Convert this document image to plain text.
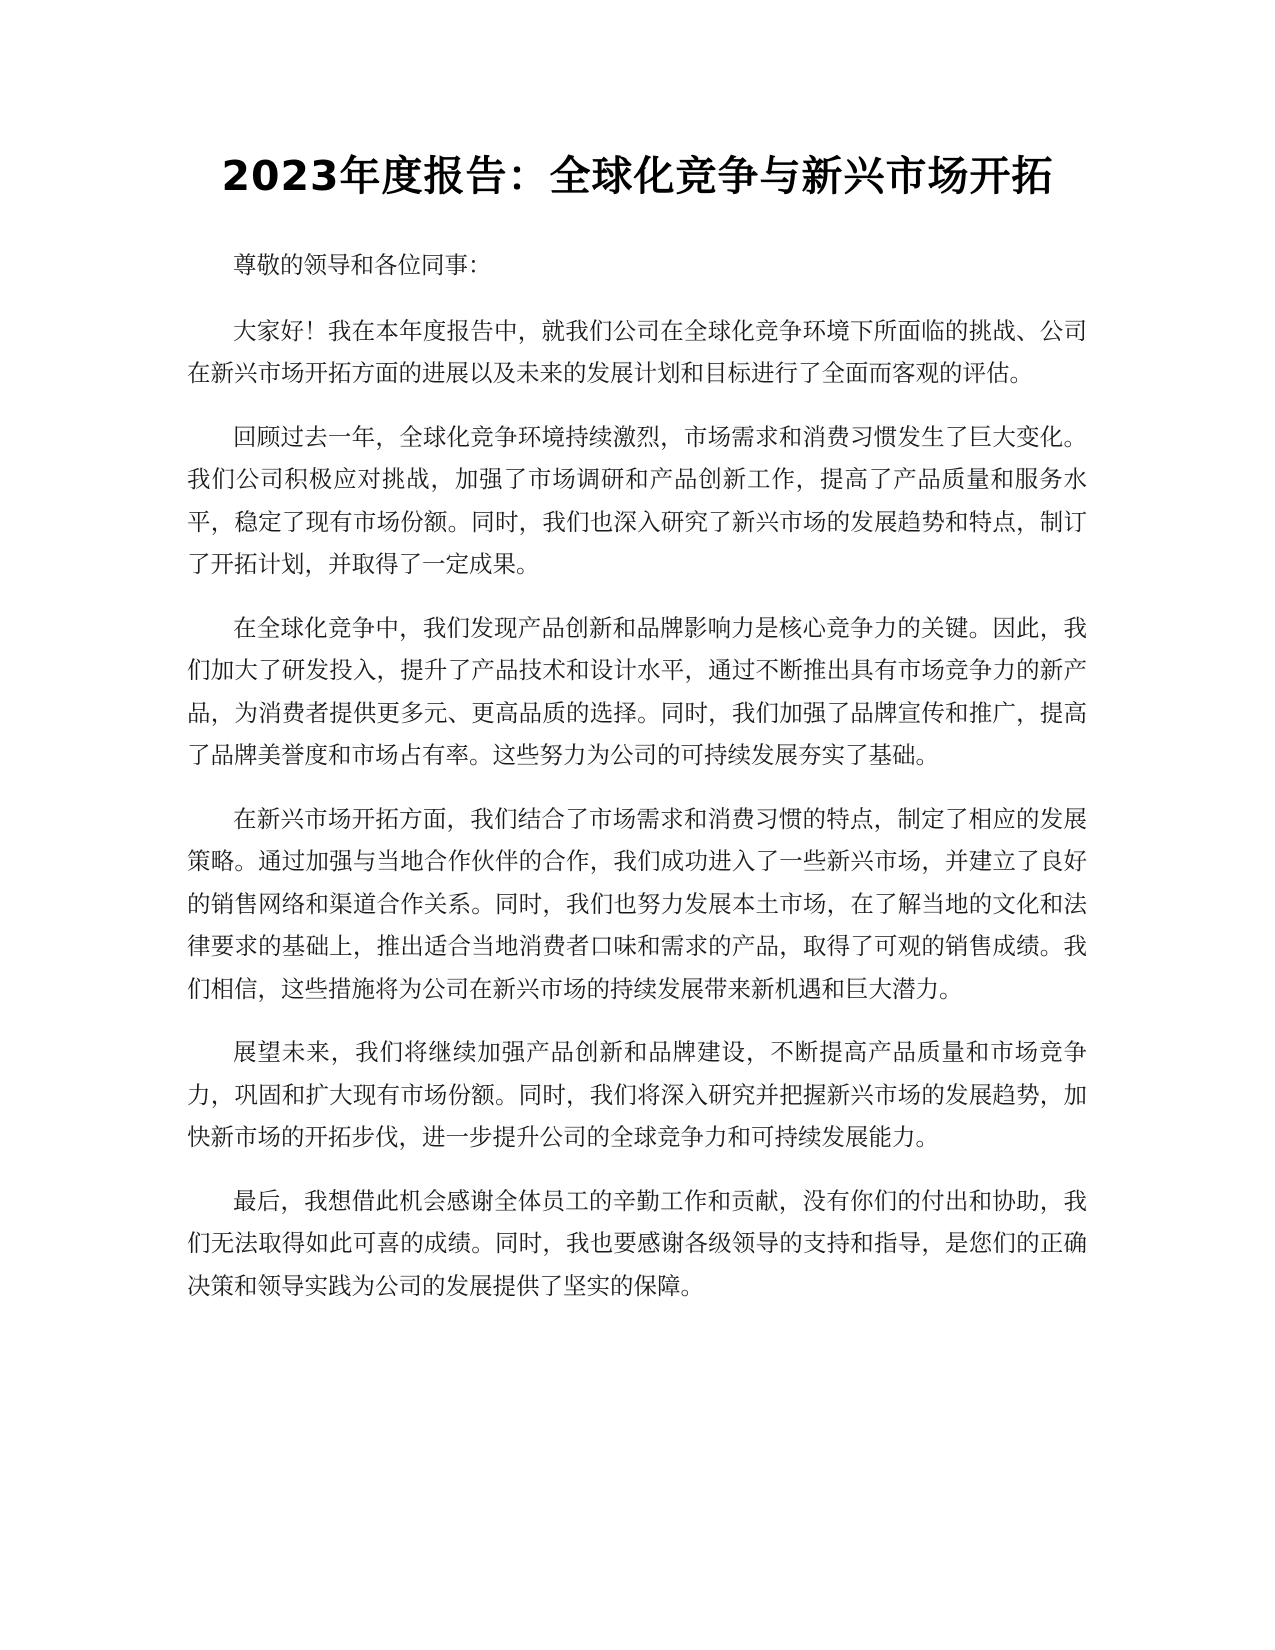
2023年度报告：全球化竞争与新兴市场开拓

尊敬的领导和各位同事：

大家好！我在本年度报告中，就我们公司在全球化竞争环境下所面临的挑战、公司在新兴市场开拓方面的进展以及未来的发展计划和目标进行了全面而客观的评估。

回顾过去一年，全球化竞争环境持续激烈，市场需求和消费习惯发生了巨大变化。我们公司积极应对挑战，加强了市场调研和产品创新工作，提高了产品质量和服务水平，稳定了现有市场份额。同时，我们也深入研究了新兴市场的发展趋势和特点，制订了开拓计划，并取得了一定成果。

在全球化竞争中，我们发现产品创新和品牌影响力是核心竞争力的关键。因此，我们加大了研发投入，提升了产品技术和设计水平，通过不断推出具有市场竞争力的新产品，为消费者提供更多元、更高品质的选择。同时，我们加强了品牌宣传和推广，提高了品牌美誉度和市场占有率。这些努力为公司的可持续发展夯实了基础。

在新兴市场开拓方面，我们结合了市场需求和消费习惯的特点，制定了相应的发展策略。通过加强与当地合作伙伴的合作，我们成功进入了一些新兴市场，并建立了良好的销售网络和渠道合作关系。同时，我们也努力发展本土市场，在了解当地的文化和法律要求的基础上，推出适合当地消费者口味和需求的产品，取得了可观的销售成绩。我们相信，这些措施将为公司在新兴市场的持续发展带来新机遇和巨大潜力。

展望未来，我们将继续加强产品创新和品牌建设，不断提高产品质量和市场竞争力，巩固和扩大现有市场份额。同时，我们将深入研究并把握新兴市场的发展趋势，加快新市场的开拓步伐，进一步提升公司的全球竞争力和可持续发展能力。

最后，我想借此机会感谢全体员工的辛勤工作和贡献，没有你们的付出和协助，我们无法取得如此可喜的成绩。同时，我也要感谢各级领导的支持和指导，是您们的正确决策和领导实践为公司的发展提供了坚实的保障。
